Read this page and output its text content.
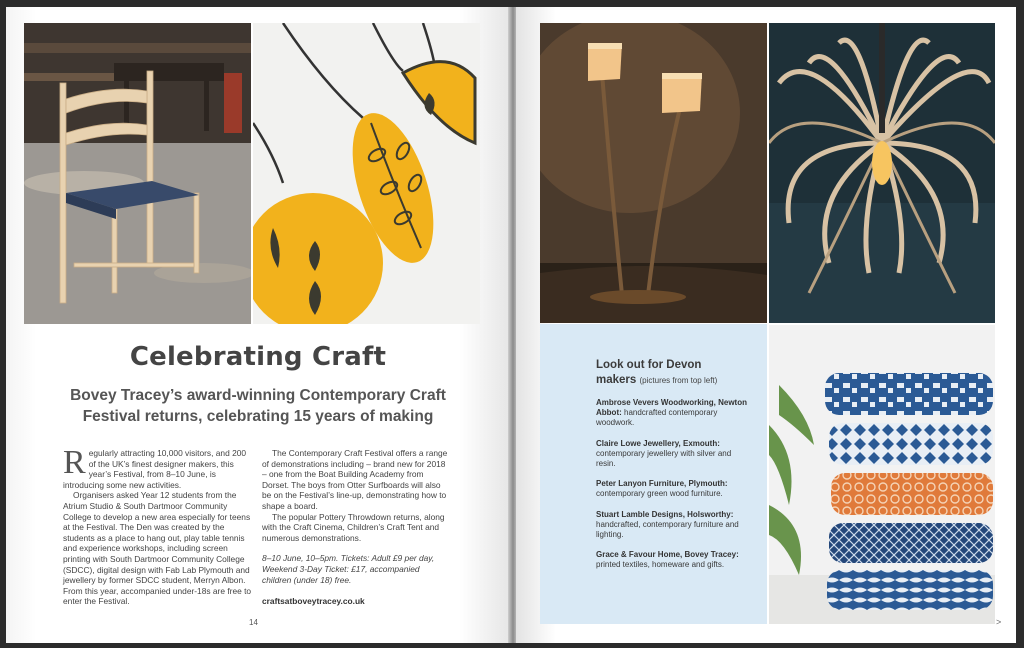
Celebrating Craft
Bovey Tracey’s award-winning Contemporary Craft Festival returns, celebrating 15 years of making

Regularly attracting 10,000 visitors, and 200 of the UK’s finest designer makers, this year’s Festival, from 8–10 June, is introducing some new activities.

Organisers asked Year 12 students from the Atrium Studio & South Dartmoor Community College to develop a new area especially for teens at the Festival. The Den was created by the students as a place to hang out, play table tennis and experience workshops, including screen printing with South Dartmoor Community College (SDCC), digital design with Fab Lab Plymouth and jewellery by former SDCC student, Merryn Albon. From this year, accompanied under-18s are free to enter the Festival.

The Contemporary Craft Festival offers a range of demonstrations including – brand new for 2018 – one from the Boat Building Academy from Dorset. The boys from Otter Surfboards will also be on the Festival’s line-up, demonstrating how to shape a board.

The popular Pottery Throwdown returns, along with the Craft Cinema, Children’s Craft Tent and numerous demonstrations.

8–10 June, 10–5pm. Tickets: Adult £9 per day, Weekend 3-Day Ticket: £17, accompanied children (under 18) free.

craftsatboveytracey.co.uk

14
Look out for Devon
makers (pictures from top left)
Ambrose Vevers Woodworking, Newton Abbot: handcrafted contemporary woodwork.
Claire Lowe Jewellery, Exmouth: contemporary jewellery with silver and resin.
Peter Lanyon Furniture, Plymouth: contemporary green wood furniture.
Stuart Lamble Designs, Holsworthy: handcrafted, contemporary furniture and lighting.
Grace & Favour Home, Bovey Tracey: printed textiles, homeware and gifts.
>
